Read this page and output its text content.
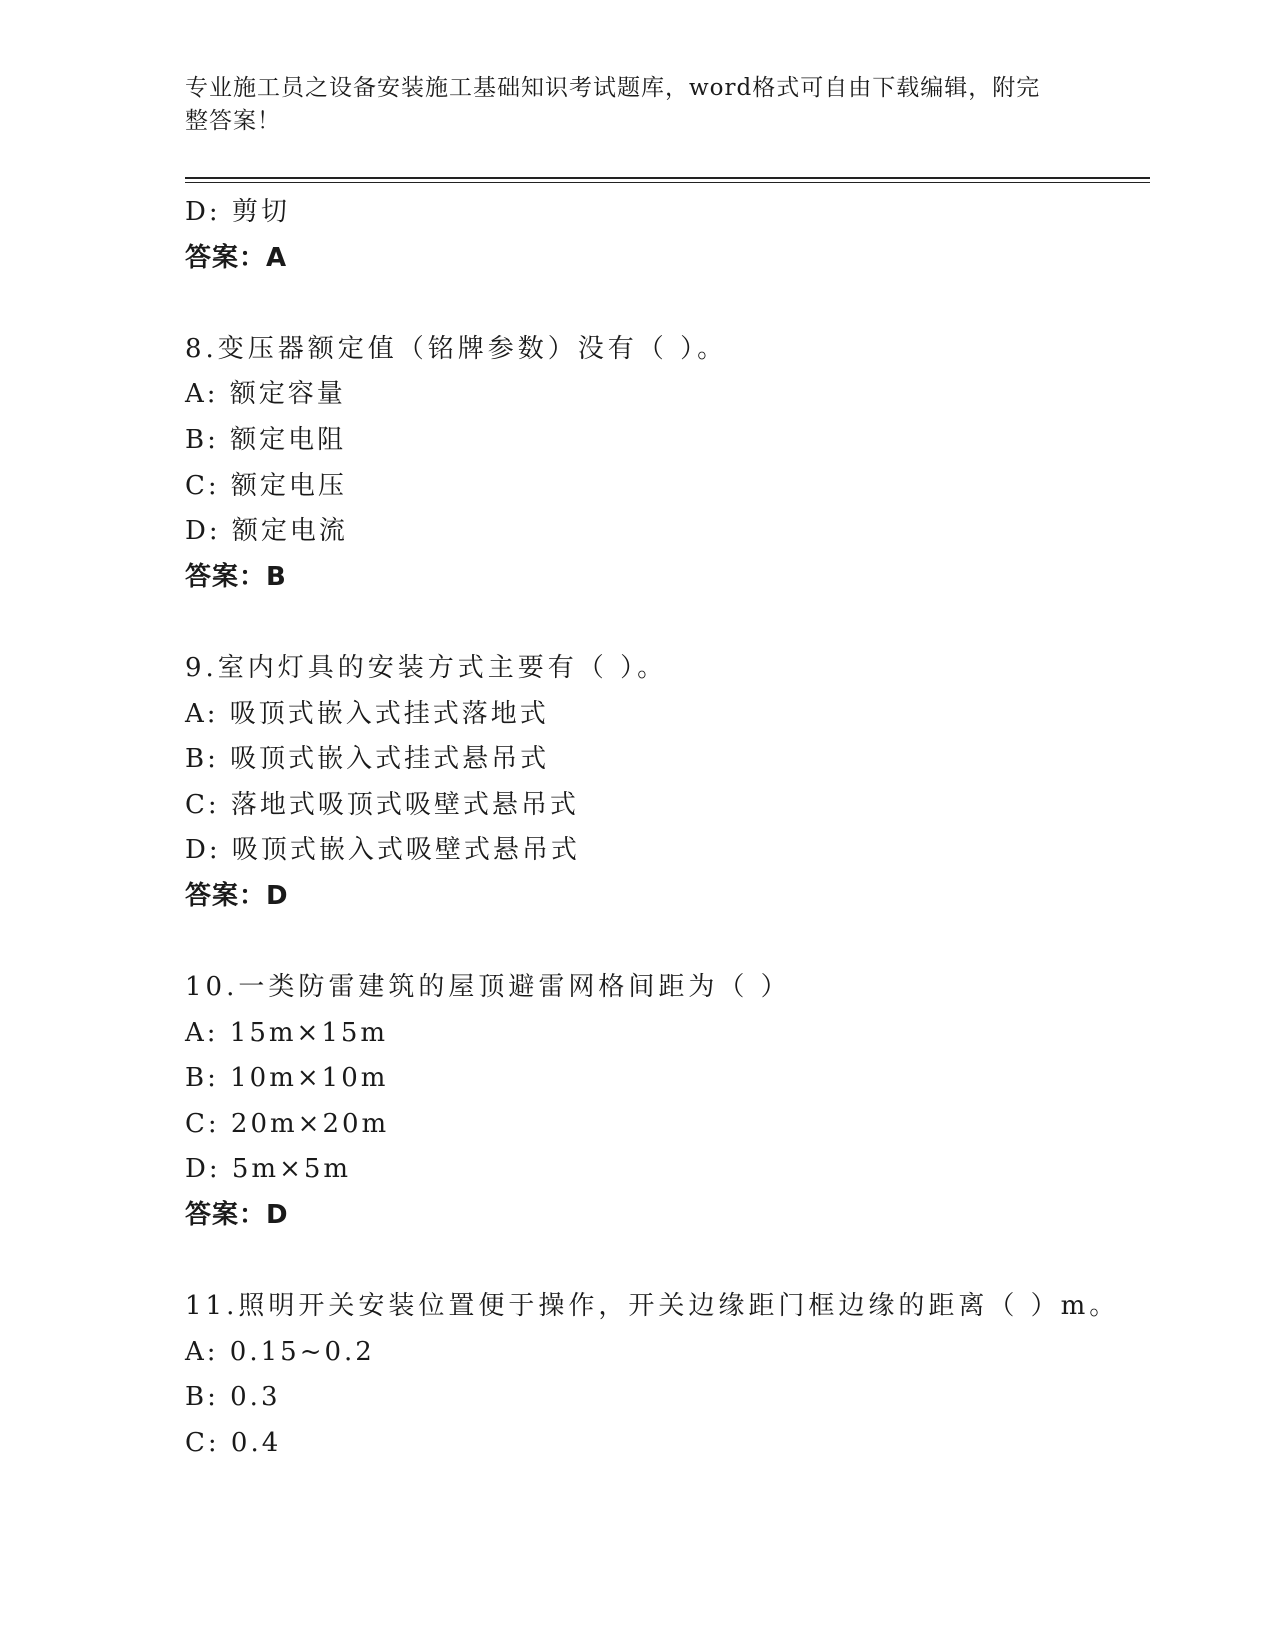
专业施工员之设备安装施工基础知识考试题库，word格式可自由下载编辑，附完
整答案！
D: 剪切
答案：A
8.变压器额定值（铭牌参数）没有（ ）。
A: 额定容量
B: 额定电阻
C: 额定电压
D: 额定电流
答案：B
9.室内灯具的安装方式主要有（ ）。
A: 吸顶式嵌入式挂式落地式
B: 吸顶式嵌入式挂式悬吊式
C: 落地式吸顶式吸壁式悬吊式
D: 吸顶式嵌入式吸壁式悬吊式
答案：D
10.一类防雷建筑的屋顶避雷网格间距为（ ）
A: 15m×15m
B: 10m×10m
C: 20m×20m
D: 5m×5m
答案：D
11.照明开关安装位置便于操作，开关边缘距门框边缘的距离（ ）m。
A: 0.15~0.2
B: 0.3
C: 0.4
